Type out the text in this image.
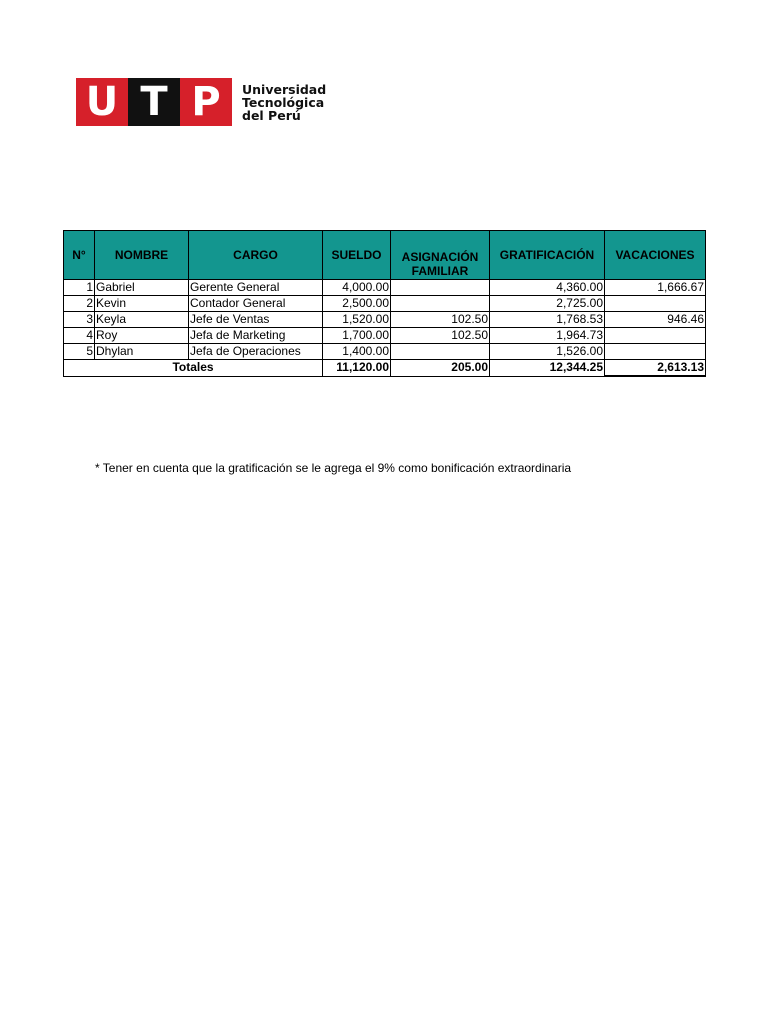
U T P	Universidad
Tecnológica
del Perú
N°	NOMBRE	CARGO	SUELDO	ASIGNACIÓN FAMILIAR	GRATIFICACIÓN	VACACIONES
1	Gabriel	Gerente General	4,000.00		4,360.00	1,666.67
2	Kevin	Contador General	2,500.00		2,725.00	
3	Keyla	Jefe de Ventas	1,520.00	102.50	1,768.53	946.46
4	Roy	Jefa de Marketing	1,700.00	102.50	1,964.73	
5	Dhylan	Jefa de Operaciones	1,400.00		1,526.00	
Totales			11,120.00	205.00	12,344.25	2,613.13
* Tener en cuenta que la gratificación se le agrega el 9% como bonificación extraordinaria
